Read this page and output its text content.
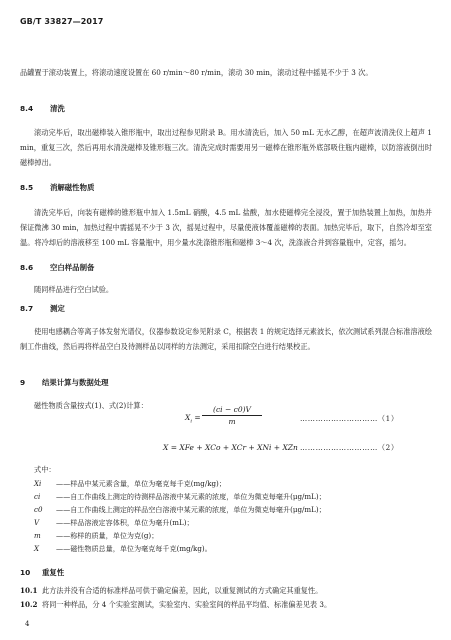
GB/T 33827—2017
品罐置于滚动装置上，将滚动速度设置在 60 r/min～80 r/min，滚动 30 min，滚动过程中摇晃不少于 3 次。
8.4 清洗
滚动完毕后，取出磁棒装入锥形瓶中，取出过程参见附录 B。用水清洗后，加入 50 mL 无水乙醇，在超声波清洗仪上超声 1 min，重复三次，然后再用水清洗磁棒及锥形瓶三次。清洗完成时需要用另一磁棒在锥形瓶外底部吸住瓶内磁棒，以防溶液倒出时磁棒掉出。
8.5 消解磁性物质
清洗完毕后，向装有磁棒的锥形瓶中加入 1.5mL 硝酸，4.5 mL 盐酸，加水使磁棒完全浸没，置于加热装置上加热，加热并保证微沸 30 min，加热过程中需摇晃不少于 3 次，摇晃过程中，尽量使液体覆盖磁棒的表面。加热完毕后，取下，自然冷却至室温。将冷却后的溶液移至 100 mL 容量瓶中，用少量水洗涤锥形瓶和磁棒 3～4 次，洗涤液合并到容量瓶中，定容，摇匀。
8.6 空白样品制备
随同样品进行空白试验。
8.7 测定
使用电感耦合等离子体发射光谱仪，仪器参数设定参见附录 C，根据表 1 的规定选择元素波长，依次测试系列混合标准溶液绘制工作曲线，然后再将样品空白及待测样品以同样的方法测定，采用扣除空白进行结果校正。
9 结果计算与数据处理
磁性物质含量按式(1)、式(2)计算：
$X_i$ =
(ci − c0)V
m	…………………………（1）
X = XFe + XCo + XCr + XNi + XZn …………………………（2）
式中：
Xi ——样品中某元素含量，单位为毫克每千克(mg/kg)；
ci ——自工作曲线上测定的待测样品溶液中某元素的浓度，单位为微克每毫升(μg/mL)；
c0 ——自工作曲线上测定的样品空白溶液中某元素的浓度，单位为微克每毫升(μg/mL)；
V ——样品溶液定容体积，单位为毫升(mL)；
m ——称样的质量，单位为克(g)；
X ——磁性物质总量，单位为毫克每千克(mg/kg)。
10 重复性
10.1 此方法并没有合适的标准样品可供于确定偏差，因此，以重复测试的方式确定其重复性。
10.2 将同一种样品，分 4 个实验室测试，实验室内、实验室间的样品平均值、标准偏差见表 3。
4
